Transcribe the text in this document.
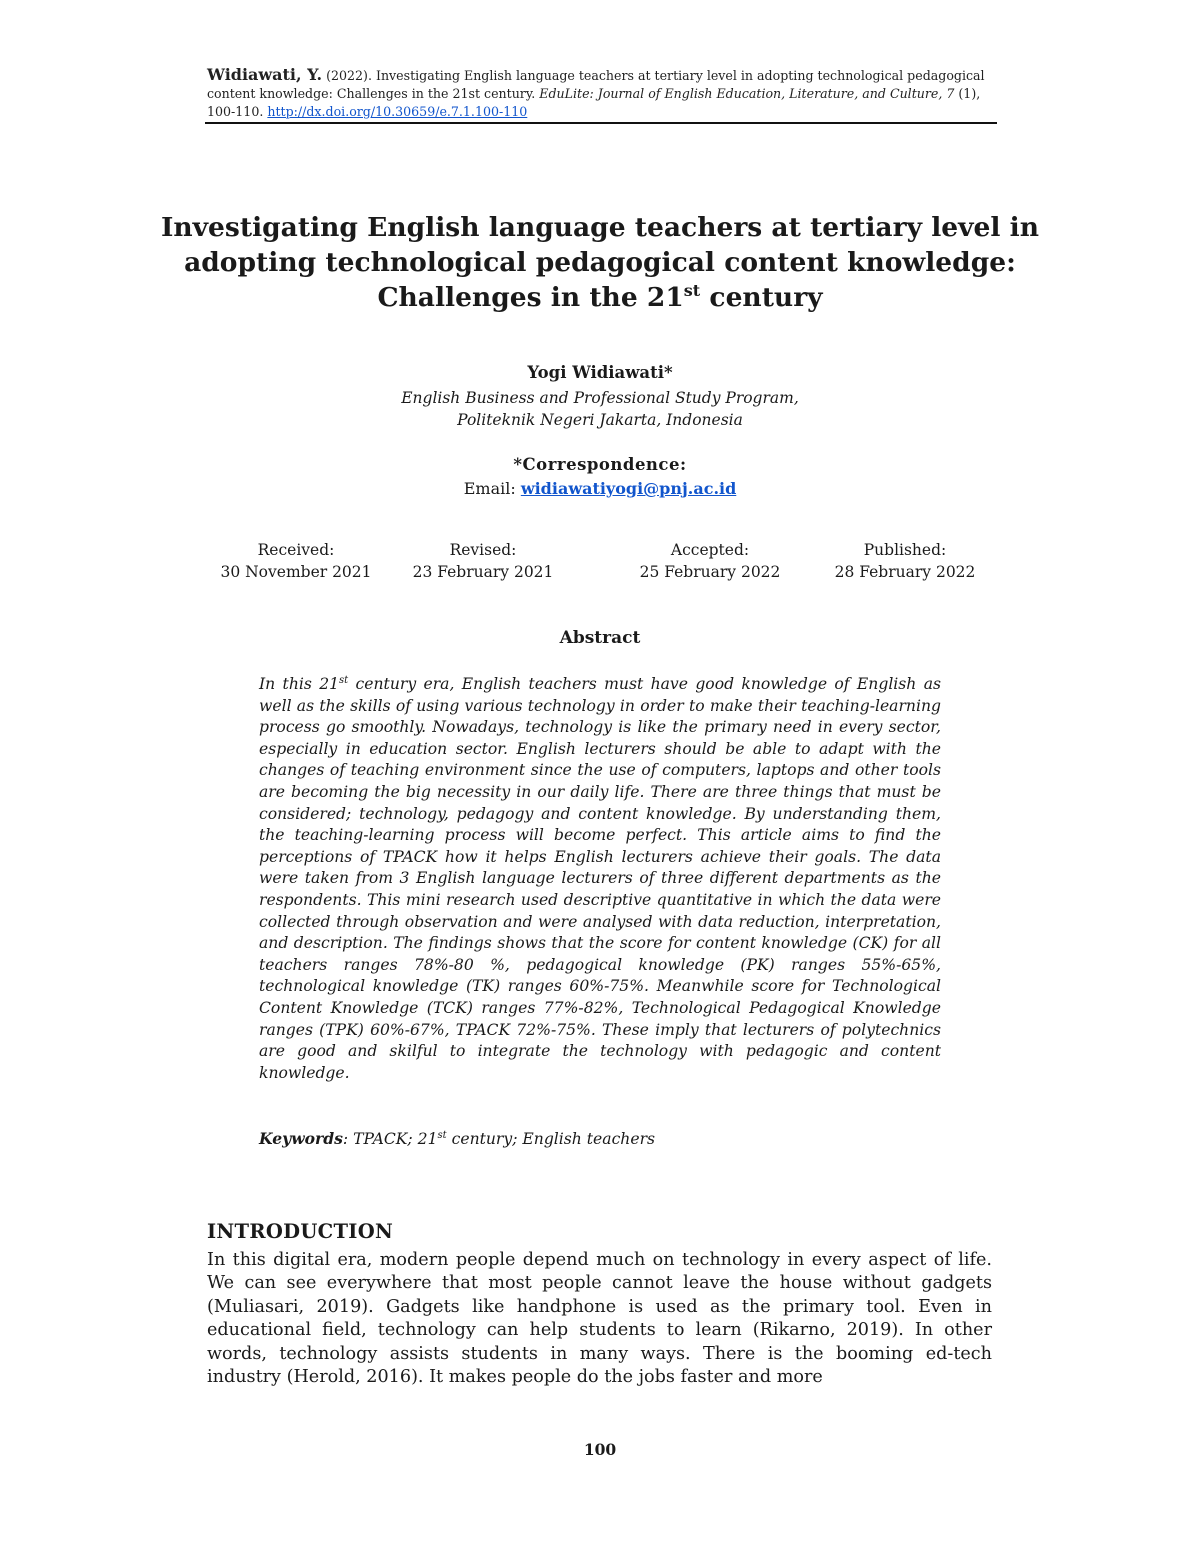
Widiawati, Y. (2022). Investigating English language teachers at tertiary level in adopting technological pedagogical content knowledge: Challenges in the 21st century. EduLite: Journal of English Education, Literature, and Culture, 7 (1), 100-110. http://dx.doi.org/10.30659/e.7.1.100-110
Investigating English language teachers at tertiary level in adopting technological pedagogical content knowledge: Challenges in the 21st century
Yogi Widiawati*
English Business and Professional Study Program,
Politeknik Negeri Jakarta, Indonesia
*Correspondence:
Email: widiawatiyogi@pnj.ac.id
Received:
30 November 2021
Revised:
23 February 2021
Accepted:
25 February 2022
Published:
28 February 2022
Abstract
In this 21st century era, English teachers must have good knowledge of English as well as the skills of using various technology in order to make their teaching-learning process go smoothly. Nowadays, technology is like the primary need in every sector, especially in education sector. English lecturers should be able to adapt with the changes of teaching environment since the use of computers, laptops and other tools are becoming the big necessity in our daily life. There are three things that must be considered; technology, pedagogy and content knowledge. By understanding them, the teaching-learning process will become perfect. This article aims to find the perceptions of TPACK how it helps English lecturers achieve their goals. The data were taken from 3 English language lecturers of three different departments as the respondents. This mini research used descriptive quantitative in which the data were collected through observation and were analysed with data reduction, interpretation, and description. The findings shows that the score for content knowledge (CK) for all teachers ranges 78%-80 %, pedagogical knowledge (PK) ranges 55%-65%, technological knowledge (TK) ranges 60%-75%. Meanwhile score for Technological Content Knowledge (TCK) ranges 77%-82%, Technological Pedagogical Knowledge ranges (TPK) 60%-67%, TPACK 72%-75%. These imply that lecturers of polytechnics are good and skilful to integrate the technology with pedagogic and content knowledge.
Keywords: TPACK; 21st century; English teachers
INTRODUCTION
In this digital era, modern people depend much on technology in every aspect of life. We can see everywhere that most people cannot leave the house without gadgets (Muliasari, 2019). Gadgets like handphone is used as the primary tool. Even in educational field, technology can help students to learn (Rikarno, 2019). In other words, technology assists students in many ways. There is the booming ed-tech industry (Herold, 2016). It makes people do the jobs faster and more
100
